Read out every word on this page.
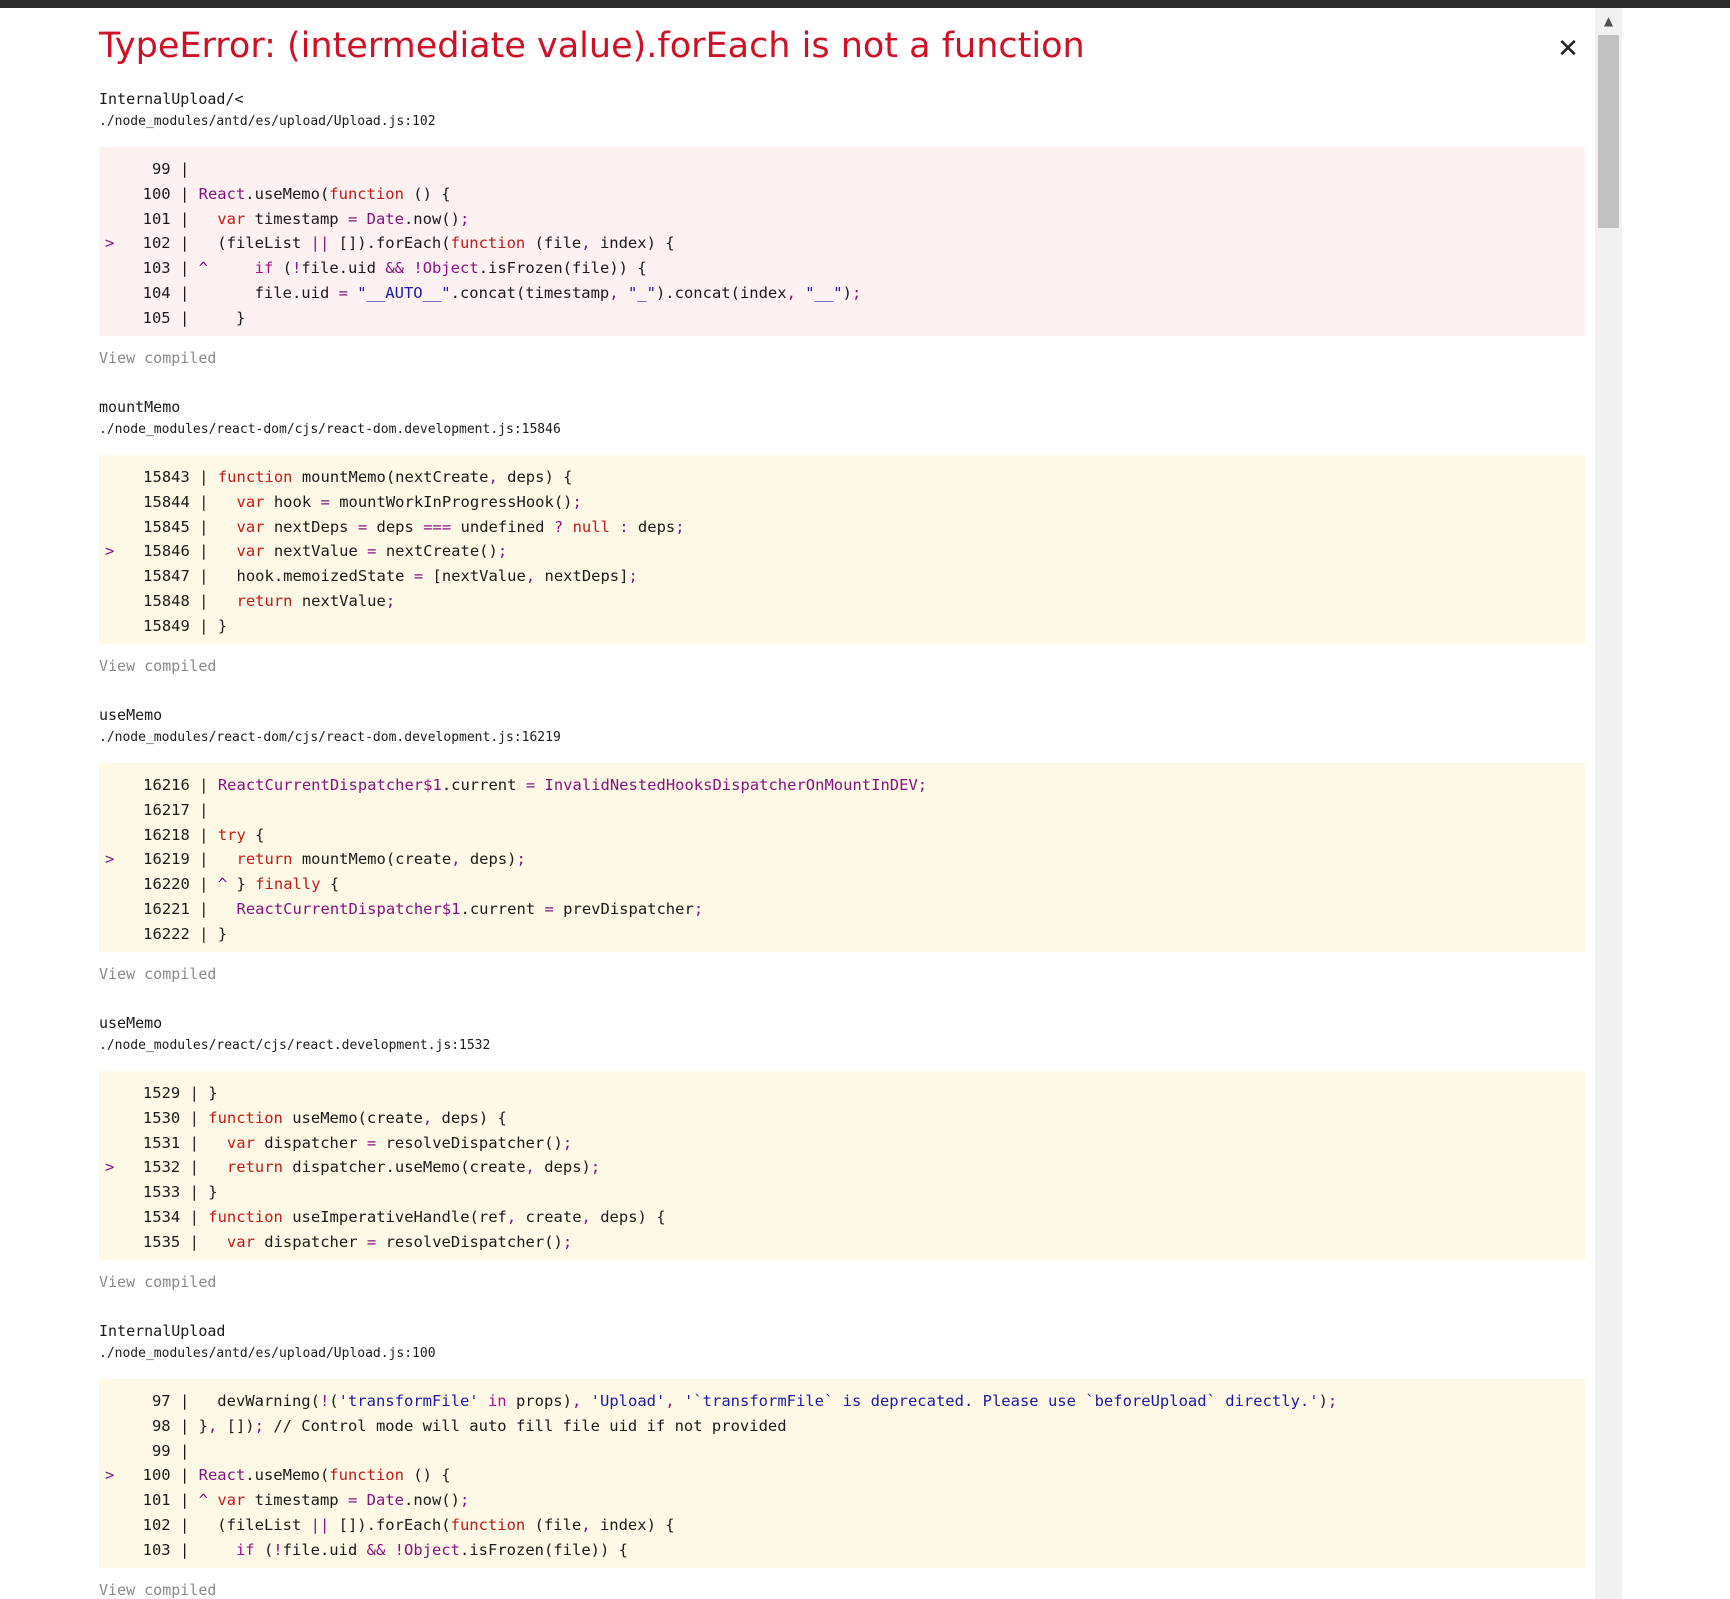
TypeError: (intermediate value).forEach is not a function	✕
InternalUpload/<
./node_modules/antd/es/upload/Upload.js:102
99 |
100 | React.useMemo(function () {
101 |   var timestamp = Date.now();
> 102 |   (fileList || []).forEach(function (file, index) {
103 | ^	if (!file.uid && !Object.isFrozen(file)) {
104 |       file.uid = "__AUTO__".concat(timestamp, "_").concat(index, "__");
105 |     }
View compiled
mountMemo
./node_modules/react-dom/cjs/react-dom.development.js:15846
15843 | function mountMemo(nextCreate, deps) {
15844 |   var hook = mountWorkInProgressHook();
15845 |   var nextDeps = deps === undefined ? null : deps;
> 15846 |   var nextValue = nextCreate();
15847 |   hook.memoizedState = [nextValue, nextDeps];
15848 |   return nextValue;
15849 | }
View compiled
useMemo
./node_modules/react-dom/cjs/react-dom.development.js:16219
16216 | ReactCurrentDispatcher$1.current = InvalidNestedHooksDispatcherOnMountInDEV;
16217 |
16218 | try {
> 16219 |   return mountMemo(create, deps);
16220 | ^ } finally {
16221 |   ReactCurrentDispatcher$1.current = prevDispatcher;
16222 | }
View compiled
useMemo
./node_modules/react/cjs/react.development.js:1532
1529 | }
1530 | function useMemo(create, deps) {
1531 |   var dispatcher = resolveDispatcher();
> 1532 |   return dispatcher.useMemo(create, deps);
1533 | }
1534 | function useImperativeHandle(ref, create, deps) {
1535 |   var dispatcher = resolveDispatcher();
View compiled
InternalUpload
./node_modules/antd/es/upload/Upload.js:100
97 |   devWarning(!('transformFile' in props), 'Upload', '`transformFile` is deprecated. Please use `beforeUpload` directly.');
98 | }, []); // Control mode will auto fill file uid if not provided
99 |
> 100 | React.useMemo(function () {
101 | ^ var timestamp = Date.now();
102 |   (fileList || []).forEach(function (file, index) {
103 |     if (!file.uid && !Object.isFrozen(file)) {
View compiled
▲
